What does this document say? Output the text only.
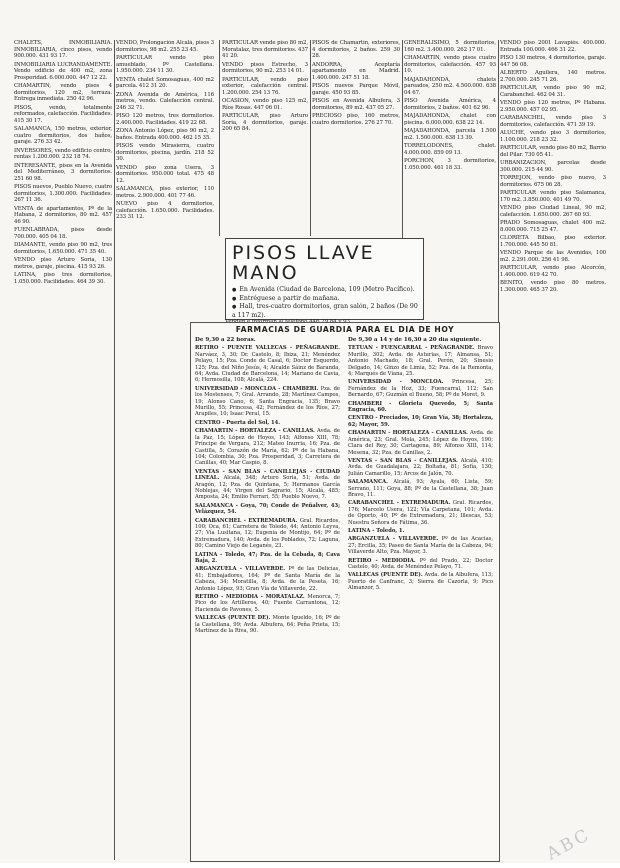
CHALETS, INMOBILIARIA. INMOBILIARIA, cinco pisos, vendo 900.000. 431 93 17.

INMOBILIARIA LUCRANDAMENTE. Vendo edificio de 400 m2, zona Prosperidad. 6.000.000. 447 12 22.

CHAMARTIN, vendo pisos 4 dormitorios, 120 m2, terraza. Entrega inmediata. 250 42 96.

PISOS, vendo, totalmente reformados, calefacción. Facilidades. 415 30 17.

SALAMANCA, 150 metros, exterior, cuatro dormitorios, dos baños, garaje. 276 33 42.

INVERSORES, vendo edificio centro, rentas 1.200.000. 232 18 74.

INTERESANTE, pisos en la Avenida del Mediterráneo, 3 dormitorios. 251 60 98.

PISOS nuevos, Pueblo Nuevo, cuatro dormitorios, 1.300.000. Facilidades. 267 11 36.

VENTA de apartamentos, Pº de la Habana, 2 dormitorios, 80 m2. 457 46 90.

FUENLABRADA, pisos desde 700.000. 405 04 18.

DIAMANTE, vendo piso 90 m2, tres dormitorios, 1.650.000. 471 35 40.

VENDO piso Arturo Soria, 130 metros, garaje, piscina. 415 93 26.

LATINA, piso tres dormitorios, 1.050.000. Facilidades. 464 39 30.

VENDO, Prolongación Alcalá, pisos 3 dormitorios, 98 m2. 255 23 45.

PARTICULAR vendo piso amueblado, Pº Castellana. 1.950.000. 234 11 30.

VENTA chalet Somosaguas, 400 m2 parcela. 412 31 20.

ZONA Avenida de América, 116 metros, vendo. Calefacción central. 246 32 71.

PISO 120 metros, tres dormitorios. 2.400.000. Facilidades. 419 22 68.

ZONA Antonio López, piso 90 m2, 2 baños. Entrada 400.000. 462 15 35.

PISOS vendo Mirasierra, cuatro dormitorios, piscina, jardín. 218 52 30.

VENDO piso zona Usera, 3 dormitorios. 950.000 total. 475 48 12.

SALAMANCA, piso exterior, 110 metros. 2.900.000. 401 77 46.

NUEVO piso 4 dormitorios, calefacción. 1.650.000. Facilidades. 233 31 12.

PARTICULAR vende piso 80 m2, Moratalaz, tres dormitorios. 437 41 20.

VENDO pisos Estrecho, 3 dormitorios, 90 m2. 253 14 01.

PARTICULAR, vendo piso exterior, calefacción central. 1.200.000. 254 13 76.

OCASION, vendo piso 125 m2, Ríos Rosas. 447 06 01.

PARTICULAR, piso Arturo Soria, 4 dormitorios, garaje. 200 65 84.

PISOS de Chamartín, exteriores, 4 dormitorios, 2 baños. 259 30 28.

ANDORRA, Aceptaría apartamento en Madrid. 1.400.000. 247 51 18.

PISOS nuevos Parque Móvil, garaje. 450 93 85.

PISOS en Avenida Albufera, 3 dormitorios, 89 m2. 437 05 27.

PRECIOSO piso, 160 metros, cuatro dormitorios. 276 27 70.

GENERALISIMO, 5 dormitorios, 160 m2. 3.400.000. 262 17 01.

CHAMARTIN, vendo pisos cuatro dormitorios, calefacción. 457 93 10.

MAJADAHONDA, chalets pareados, 250 m2. 4.500.000. 638 04 67.

PISO Avenida América, 4 dormitorios, 2 baños. 401 62 96.

MAJADAHONDA, chalet con piscina. 6.000.000. 638 22 14.

MAJADAHONDA, parcela 1.500 m2. 1.500.000. 638 13 39.

TORRELODONES, chalet. 4.000.000. 859 09 13.

PORCHON, 3 dormitorios, 1.050.000. 461 18 33.

VENDO piso 2001 Lavapiés. 400.000. Entrada 100.000. 466 31 22.

PISO 130 metros, 4 dormitorios, garaje. 447 56 08.

ALBERTO Aguilera, 140 metros. 2.700.000. 245 71 26.

PARTICULAR, vendo piso 90 m2, Carabanchel. 462 04 31.

VENDO piso 120 metros, Pº Habana. 2.950.000. 457 02 95.

CARABANCHEL, vendo piso 3 dormitorios, calefacción. 471 39 19.

ALUCHE, vendo piso 3 dormitorios, 1.100.000. 218 23 32.

PARTICULAR, vendo piso 80 m2, Barrio del Pilar. 730 05 41.

URBANIZACION, parcelas desde 300.000. 215 44 90.

TORREJON, vendo piso nuevo, 3 dormitorios. 675 06 28.

PARTICULAR vendo piso Salamanca, 170 m2. 3.850.000. 401 49 70.

VENDO piso Ciudad Lineal, 90 m2, calefacción. 1.650.000. 267 60 93.

PRADO Somosaguas, chalet 400 m2. 8.000.000. 715 25 47.

CLORIETA Bilbao, piso exterior. 1.700.000. 445 50 81.

VENDO Parque de las Avenidas, 100 m2. 2.291.000. 256 41 98.

PARTICULAR, vendo piso Alcorcón, 1.400.000. 619 42 70.

BENITO, vendo piso 80 metros. 1.300.000. 465 37 20.

PISOS LLAVE MANO
● En Avenida (Ciudad de Barcelona, 109 (Metro Pacífico).
● Entréguese a partir de mañana.
● Hall, tres-cuatro dormitorios, gran salón, 2 baños (De 90 a 117 m2).
●
FARMACIAS DE GUARDIA PARA EL DIA DE HOY

De 9,30 a 22 horas.

RETIRO - PUENTE VALLECAS - PEÑAGRANDE. Narváez, 3, 30; Dr. Castelo, 8; Ibiza, 21; Menéndez Pelayo, 15; Pza. Conde de Casal, 6; Doctor Esquerdo, 125; Pza. del Niño Jesús, 4; Alcalde Sáinz de Baranda, 64; Avda. Ciudad de Barcelona, 14; Mariano de Cavia, 6; Hermosilla, 108; Alcalá, 224.

UNIVERSIDAD - MONCLOA - CHAMBERI. Pza. de los Mostenses, 7; Gral. Arrando, 28; Martínez Campos, 19; Alonso Cano, 6; Santa Engracia, 135; Bravo Murillo, 55; Princesa, 42; Fernández de los Ríos, 27; Arapiles, 10; Isaac Peral, 15.

CENTRO - Puerta del Sol, 14.

CHAMARTIN - HORTALEZA - CANILLAS. Avda. de la Paz, 15; López de Hoyos, 143; Alfonso XIII, 78; Príncipe de Vergara, 212; Mateo Inurria, 16; Pza. de Castilla, 5; Corazón de María, 62; Pº de la Habana, 104; Colombia, 30; Pza. Prosperidad, 3; Carretera de Canillas, 40; Mar Caspio, 8.

VENTAS - SAN BLAS - CANILLEJAS - CIUDAD LINEAL. Alcalá, 348; Arturo Soria, 51; Avda. de Aragón, 12; Pza. de Quintana, 5; Hermanos García Noblejas, 44; Virgen del Sagrario, 15; Alcalá, 485; Amposta, 24; Emilio Ferrari, 55; Pueblo Nuevo, 7.

SALAMANCA - Goya, 70; Conde de Peñalver, 43; Velázquez, 54.

CARABANCHEL - EXTREMADURA. Gral. Ricardos, 100; Oca, 61; Carretera de Toledo, 44; Antonio Leyva, 27; Vía Lusitana, 12; Eugenia de Montijo, 64; Pº de Extremadura, 140; Avda. de los Poblados, 72; Laguna, 80; Camino Viejo de Leganés, 23.

LATINA - Toledo, 47; Pza. de la Cebada, 8; Cava Baja, 2.

ARGANZUELA - VILLAVERDE. Pº de las Delicias, 41; Embajadores, 164; Pº de Santa María de la Cabeza, 34; Moratilla, 8; Avda. de la Peseta, 16; Antonio López, 93; Gran Vía de Villaverde, 22.

RETIRO - MEDIODIA - MORATALAZ. Menorca, 7; Pico de los Artilleros, 40; Fuente Carrantona, 12; Hacienda de Pavones, 5.

VALLECAS (PUENTE DE). Monte Igueldo, 16; Pº de la Castellana, 99; Avda. Albufera, 64; Peña Prieta, 15; Martínez de la Riva, 90.

De 9,30 a 14 y de 16,30 a 20 día siguiente.

TETUAN - FUENCARRAL - PEÑAGRANDE. Bravo Murillo, 302; Avda. de Asturias, 17; Almansa, 51; Antonio Machado, 18; Gral. Perón, 20; Sinesio Delgado, 14; Ginzo de Limia, 52; Pza. de la Remonta, 4; Marqués de Viana, 25.

UNIVERSIDAD - MONCLOA. Princesa, 25; Fernández de la Hoz, 33; Fuencarral, 112; San Bernardo, 67; Guzmán el Bueno, 58; Pº de Moret, 9.

CHAMBERI - Glorieta Quevedo, 5; Santa Engracia, 60.

CENTRO - Preciados, 10; Gran Vía, 38; Hortaleza, 62; Mayor, 59.

CHAMARTIN - HORTALEZA - CANILLAS. Avda. de América, 23; Gral. Mola, 245; López de Hoyos, 190; Clara del Rey, 30; Cartagena, 89; Alfonso XIII, 114; Mesena, 32; Pza. de Canillas, 2.

VENTAS - SAN BLAS - CANILLEJAS. Alcalá, 410; Avda. de Guadalajara, 22; Boltaña, 81; Sofía, 130; Julián Camarillo, 15; Arcos de Jalón, 70.

SALAMANCA. Alcalá, 93; Ayala, 60; Lista, 59; Serrano, 111; Goya, 88; Pº de la Castellana, 38; Juan Bravo, 11.

CARABANCHEL - EXTREMADURA. Gral. Ricardos, 176; Marcelo Usera, 122; Vía Carpetana, 101; Avda. de Oporto, 40; Pº de Extremadura, 21; Illescas, 53; Nuestra Señora de Fátima, 36.

LATINA - Toledo, 1.

ARGANZUELA - VILLAVERDE. Pº de las Acacias, 27; Ercilla, 35; Paseo de Santa María de la Cabeza, 94; Villaverde Alto, Pza. Mayor, 3.

RETIRO - MEDIODIA. Pº del Prado, 22; Doctor Castelo, 40; Avda. de Menéndez Pelayo, 71.

VALLECAS (PUENTE DE). Avda. de la Albufera, 113; Puerto de Canfranc, 3; Sierra de Cazorla, 9; Pico Almanzor, 5.

ABC
